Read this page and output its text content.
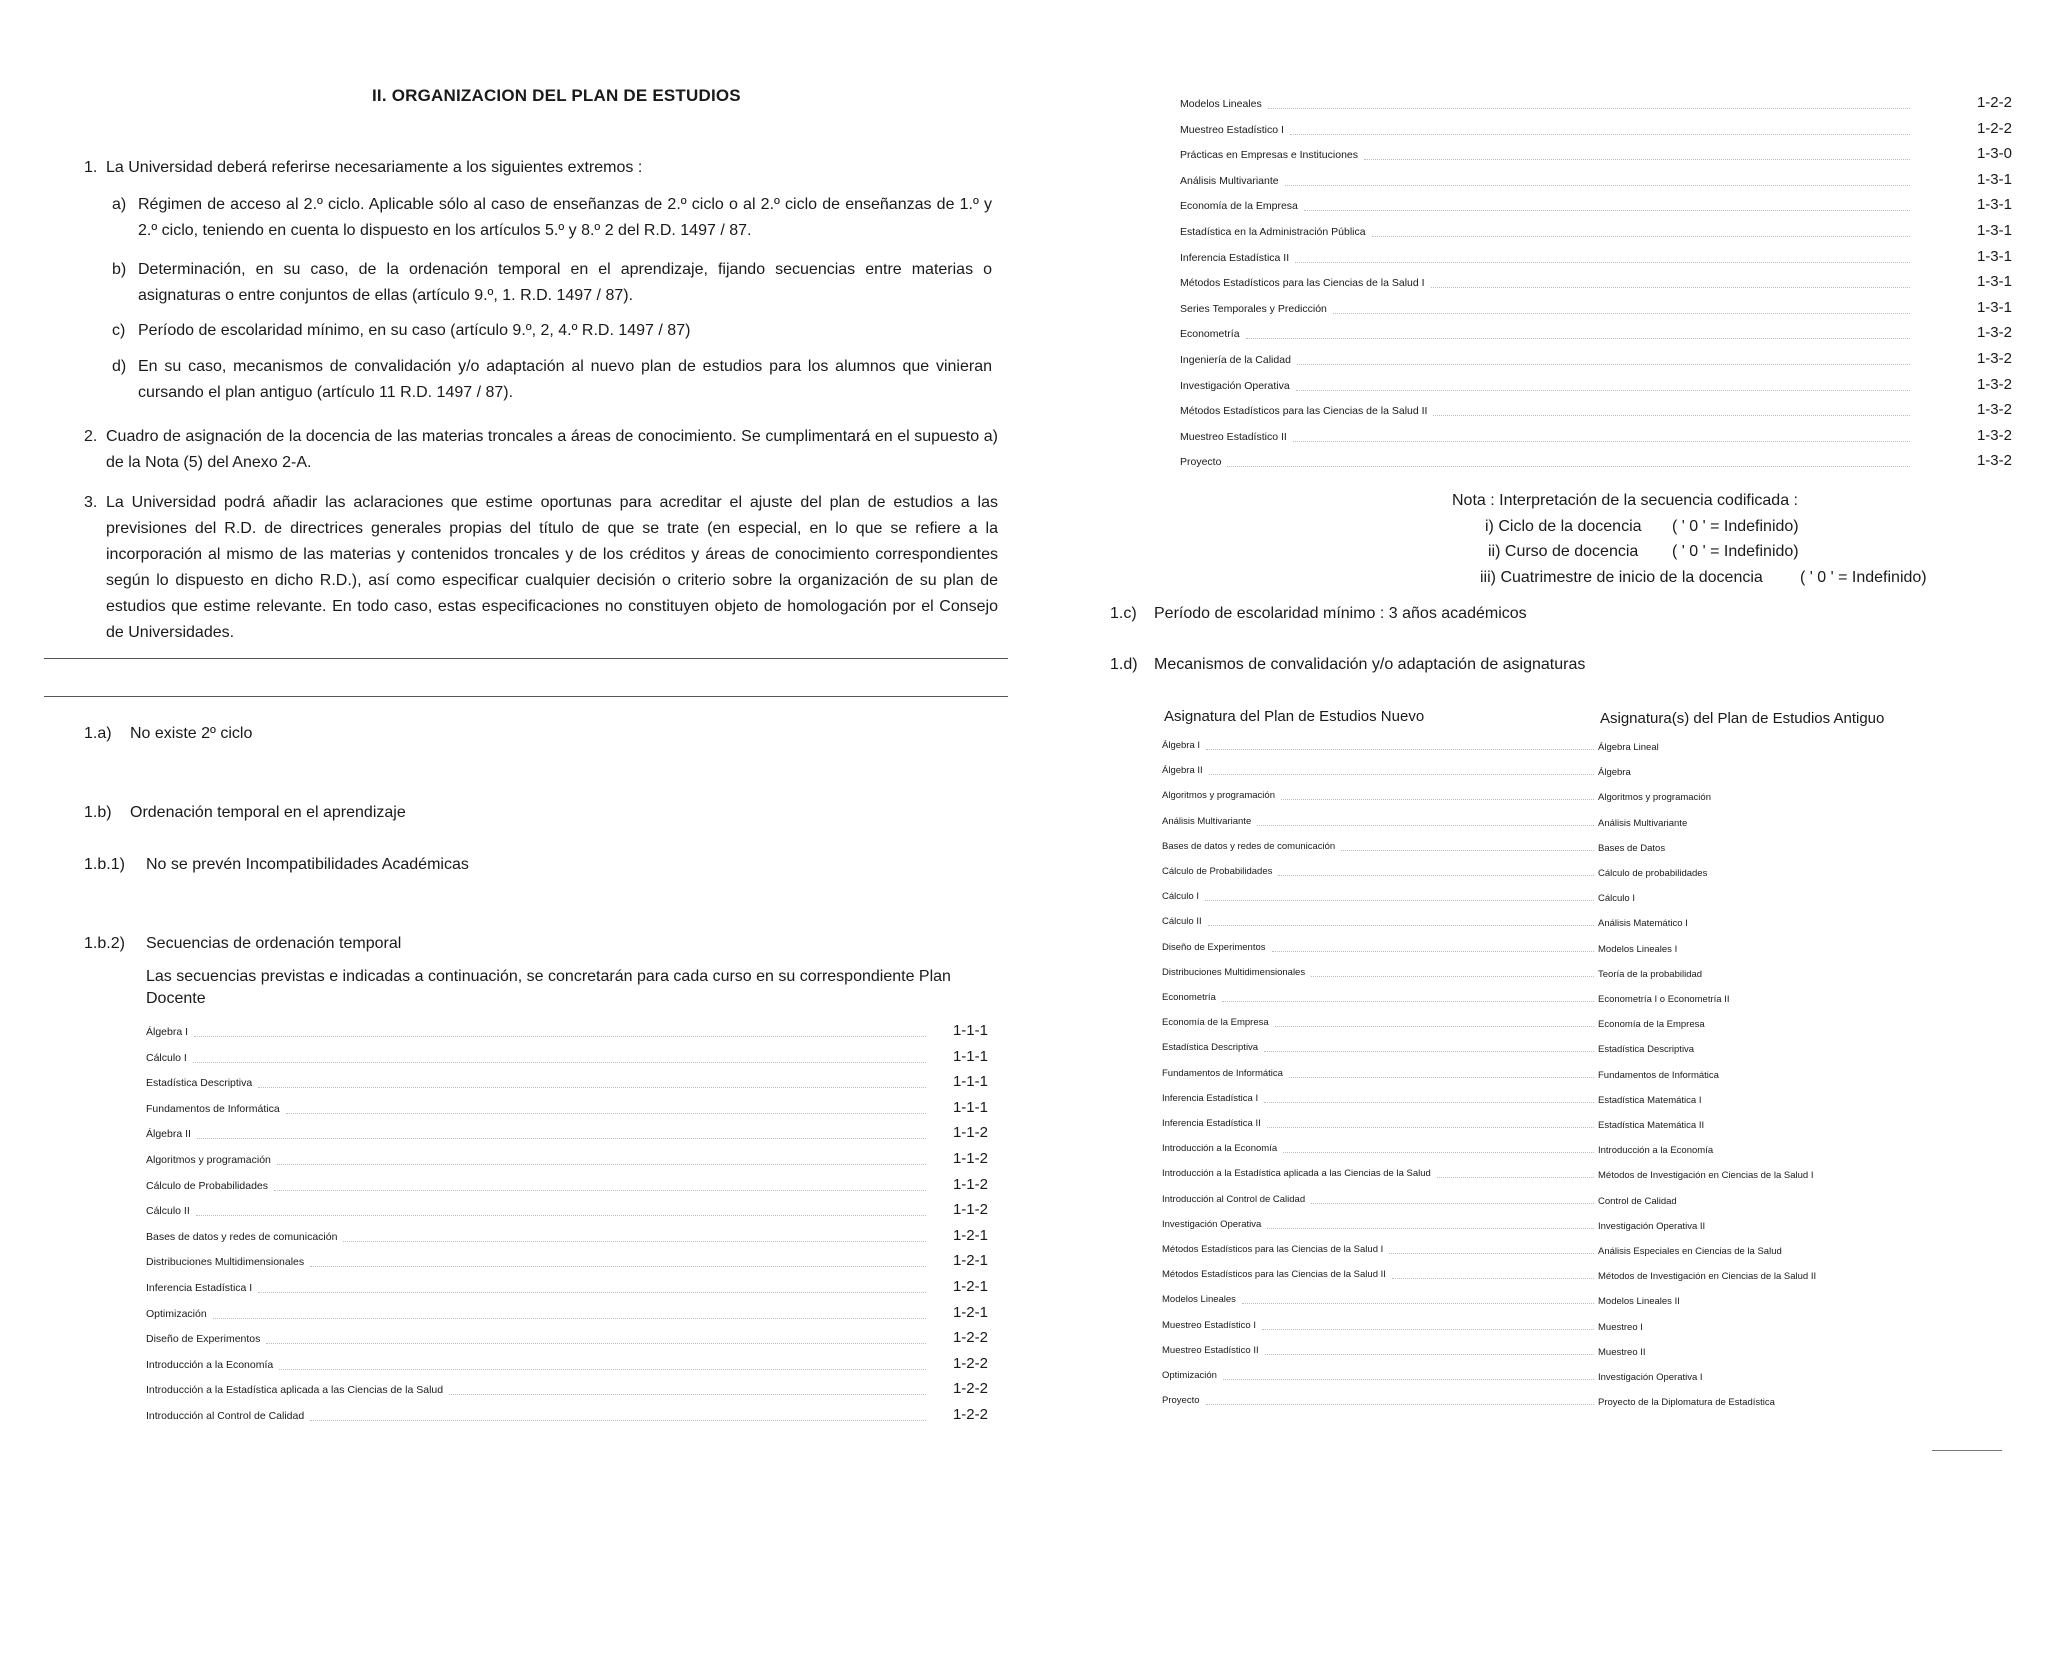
II. ORGANIZACION DEL PLAN DE ESTUDIOS
1. La Universidad deberá referirse necesariamente a los siguientes extremos :
a) Régimen de acceso al 2.º ciclo. Aplicable sólo al caso de enseñanzas de 2.º ciclo o al 2.º ciclo de enseñanzas de 1.º y 2.º ciclo, teniendo en cuenta lo dispuesto en los artículos 5.º y 8.º 2 del R.D. 1497 / 87.
b) Determinación, en su caso, de la ordenación temporal en el aprendizaje, fijando secuencias entre materias o asignaturas o entre conjuntos de ellas (artículo 9.º, 1. R.D. 1497 / 87).
c) Período de escolaridad mínimo, en su caso (artículo 9.º, 2, 4.º R.D. 1497 / 87)
d) En su caso, mecanismos de convalidación y/o adaptación al nuevo plan de estudios para los alumnos que vinieran cursando el plan antiguo (artículo 11 R.D. 1497 / 87).
2. Cuadro de asignación de la docencia de las materias troncales a áreas de conocimiento. Se cumplimentará en el supuesto a) de la Nota (5) del Anexo 2-A.
3. La Universidad podrá añadir las aclaraciones que estime oportunas para acreditar el ajuste del plan de estudios a las previsiones del R.D. de directrices generales propias del título de que se trate (en especial, en lo que se refiere a la incorporación al mismo de las materias y contenidos troncales y de los créditos y áreas de conocimiento correspondientes según lo dispuesto en dicho R.D.), así como especificar cualquier decisión o criterio sobre la organización de su plan de estudios que estime relevante. En todo caso, estas especificaciones no constituyen objeto de homologación por el Consejo de Universidades.
1.a) No existe 2º ciclo
1.b) Ordenación temporal en el aprendizaje
1.b.1) No se prevén Incompatibilidades Académicas
1.b.2) Secuencias de ordenación temporal
Las secuencias previstas e indicadas a continuación, se concretarán para cada curso en su correspondiente Plan Docente
Álgebra I	1-1-1
Cálculo I	1-1-1
Estadística Descriptiva	1-1-1
Fundamentos de Informática	1-1-1
Álgebra II	1-1-2
Algoritmos y programación	1-1-2
Cálculo de Probabilidades	1-1-2
Cálculo II	1-1-2
Bases de datos y redes de comunicación	1-2-1
Distribuciones Multidimensionales	1-2-1
Inferencia Estadística I	1-2-1
Optimización	1-2-1
Diseño de Experimentos	1-2-2
Introducción a la Economía	1-2-2
Introducción a la Estadística aplicada a las Ciencias de la Salud	1-2-2
Introducción al Control de Calidad	1-2-2
Modelos Lineales	1-2-2
Muestreo Estadístico I	1-2-2
Prácticas en Empresas e Instituciones	1-3-0
Análisis Multivariante	1-3-1
Economía de la Empresa	1-3-1
Estadística en la Administración Pública	1-3-1
Inferencia Estadística II	1-3-1
Métodos Estadísticos para las Ciencias de la Salud I	1-3-1
Series Temporales y Predicción	1-3-1
Econometría	1-3-2
Ingeniería de la Calidad	1-3-2
Investigación Operativa	1-3-2
Métodos Estadísticos para las Ciencias de la Salud II	1-3-2
Muestreo Estadístico II	1-3-2
Proyecto	1-3-2
Nota : Interpretación de la secuencia codificada :
i) Ciclo de la docencia ( ' 0 ' = Indefinido)
ii) Curso de docencia ( ' 0 ' = Indefinido)
iii) Cuatrimestre de inicio de la docencia ( ' 0 ' = Indefinido)
1.c) Período de escolaridad mínimo : 3 años académicos
1.d) Mecanismos de convalidación y/o adaptación de asignaturas
Asignatura del Plan de Estudios Nuevo	Asignatura(s) del Plan de Estudios Antiguo
Álgebra I	Álgebra Lineal
Álgebra II	Álgebra
Algoritmos y programación	Algoritmos y programación
Análisis Multivariante	Análisis Multivariante
Bases de datos y redes de comunicación	Bases de Datos
Cálculo de Probabilidades	Cálculo de probabilidades
Cálculo I	Cálculo I
Cálculo II	Análisis Matemático I
Diseño de Experimentos	Modelos Lineales I
Distribuciones Multidimensionales	Teoría de la probabilidad
Econometría	Econometría I o Econometría II
Economía de la Empresa	Economía de la Empresa
Estadística Descriptiva	Estadística Descriptiva
Fundamentos de Informática	Fundamentos de Informática
Inferencia Estadística I	Estadística Matemática I
Inferencia Estadística II	Estadística Matemática II
Introducción a la Economía	Introducción a la Economía
Introducción a la Estadística aplicada a las Ciencias de la Salud	Métodos de Investigación en Ciencias de la Salud I
Introducción al Control de Calidad	Control de Calidad
Investigación Operativa	Investigación Operativa II
Métodos Estadísticos para las Ciencias de la Salud I	Análisis Especiales en Ciencias de la Salud
Métodos Estadísticos para las Ciencias de la Salud II	Métodos de Investigación en Ciencias de la Salud II
Modelos Lineales	Modelos Lineales II
Muestreo Estadístico I	Muestreo I
Muestreo Estadístico II	Muestreo II
Optimización	Investigación Operativa I
Proyecto	Proyecto de la Diplomatura de Estadística
